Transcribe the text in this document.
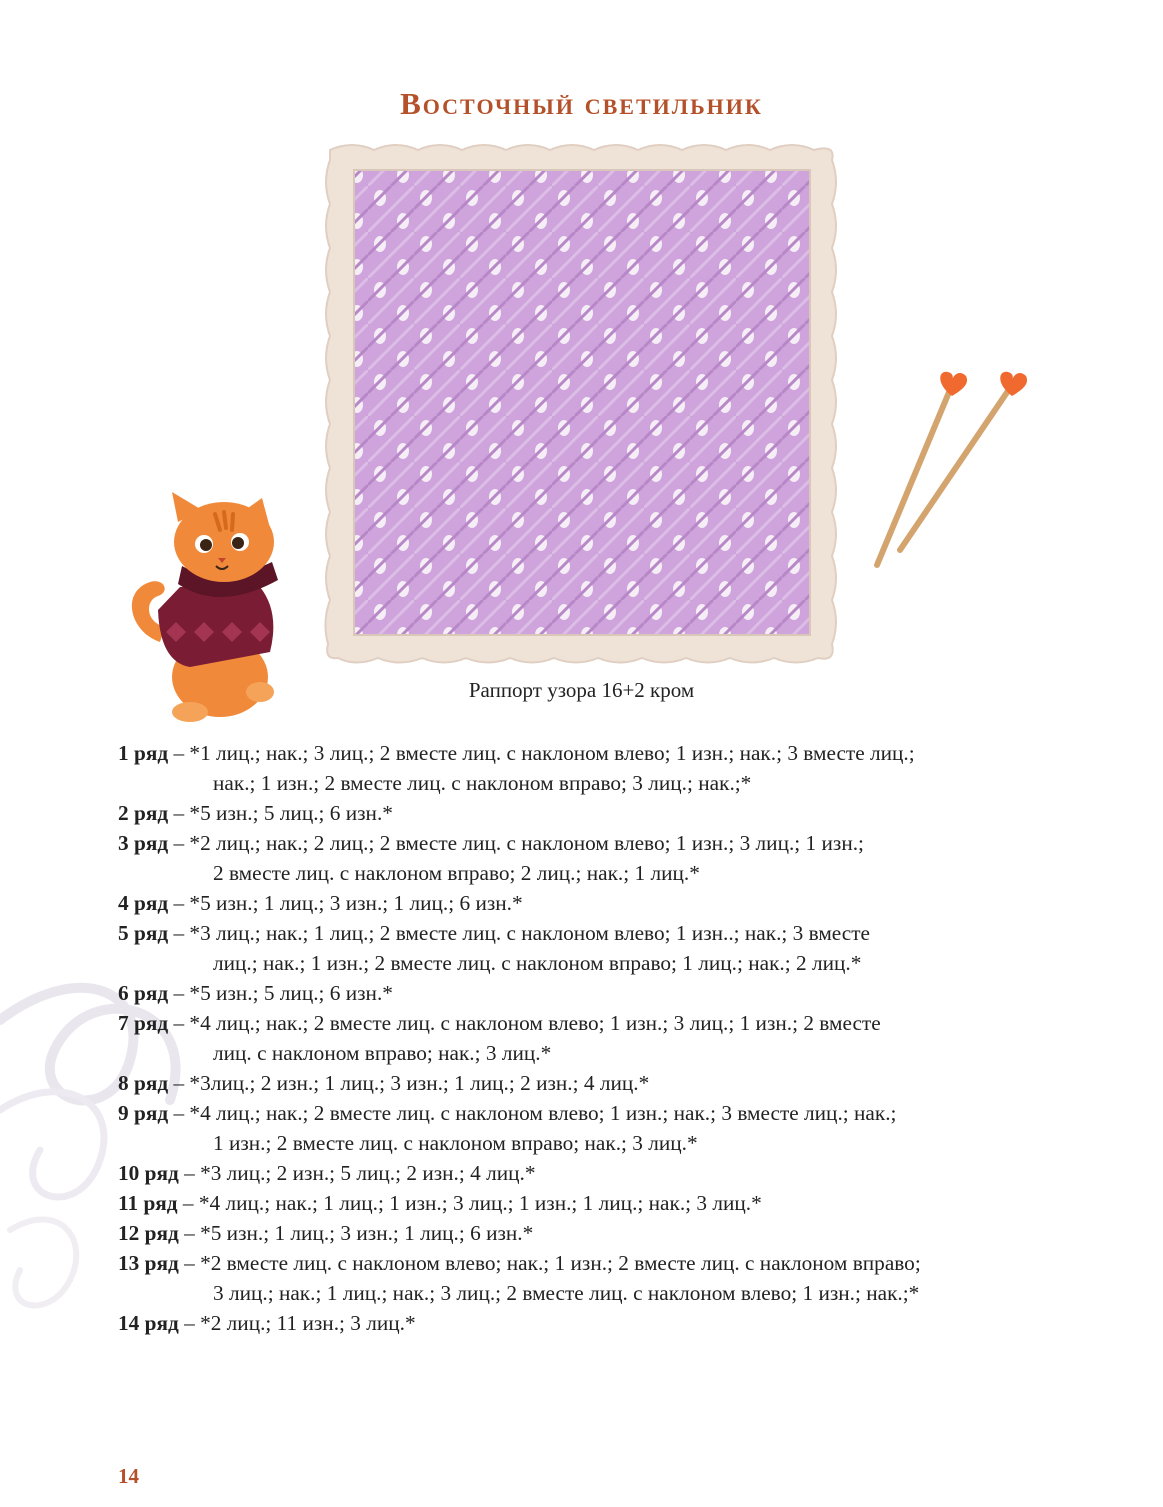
Восточный светильник
Раппорт узора 16+2 кром
1 ряд – *1 лиц.; нак.; 3 лиц.; 2 вместе лиц. с наклоном влево; 1 изн.; нак.; 3 вместе лиц.;
нак.; 1 изн.; 2 вместе лиц. с наклоном вправо; 3 лиц.; нак.;*
2 ряд – *5 изн.; 5 лиц.; 6 изн.*
3 ряд – *2 лиц.; нак.; 2 лиц.; 2 вместе лиц. с наклоном влево; 1 изн.; 3 лиц.; 1 изн.;
2 вместе лиц. с наклоном вправо; 2 лиц.; нак.; 1 лиц.*
4 ряд – *5 изн.; 1 лиц.; 3 изн.; 1 лиц.; 6 изн.*
5 ряд – *3 лиц.; нак.; 1 лиц.; 2 вместе лиц. с наклоном влево; 1 изн..; нак.; 3 вместе
лиц.; нак.; 1 изн.; 2 вместе лиц. с наклоном вправо; 1 лиц.; нак.; 2 лиц.*
6 ряд – *5 изн.; 5 лиц.; 6 изн.*
7 ряд – *4 лиц.; нак.; 2 вместе лиц. с наклоном влево; 1 изн.; 3 лиц.; 1 изн.; 2 вместе
лиц. с наклоном вправо; нак.; 3 лиц.*
8 ряд – *3лиц.; 2 изн.; 1 лиц.; 3 изн.; 1 лиц.; 2 изн.; 4 лиц.*
9 ряд – *4 лиц.; нак.; 2 вместе лиц. с наклоном влево; 1 изн.; нак.; 3 вместе лиц.; нак.;
1 изн.; 2 вместе лиц. с наклоном вправо; нак.; 3 лиц.*
10 ряд – *3 лиц.; 2 изн.; 5 лиц.; 2 изн.; 4 лиц.*
11 ряд – *4 лиц.; нак.; 1 лиц.; 1 изн.; 3 лиц.; 1 изн.; 1 лиц.; нак.; 3 лиц.*
12 ряд – *5 изн.; 1 лиц.; 3 изн.; 1 лиц.; 6 изн.*
13 ряд – *2 вместе лиц. с наклоном влево; нак.; 1 изн.; 2 вместе лиц. с наклоном вправо;
3 лиц.; нак.; 1 лиц.; нак.; 3 лиц.; 2 вместе лиц. с наклоном влево; 1 изн.; нак.;*
14 ряд – *2 лиц.; 11 изн.; 3 лиц.*
14
